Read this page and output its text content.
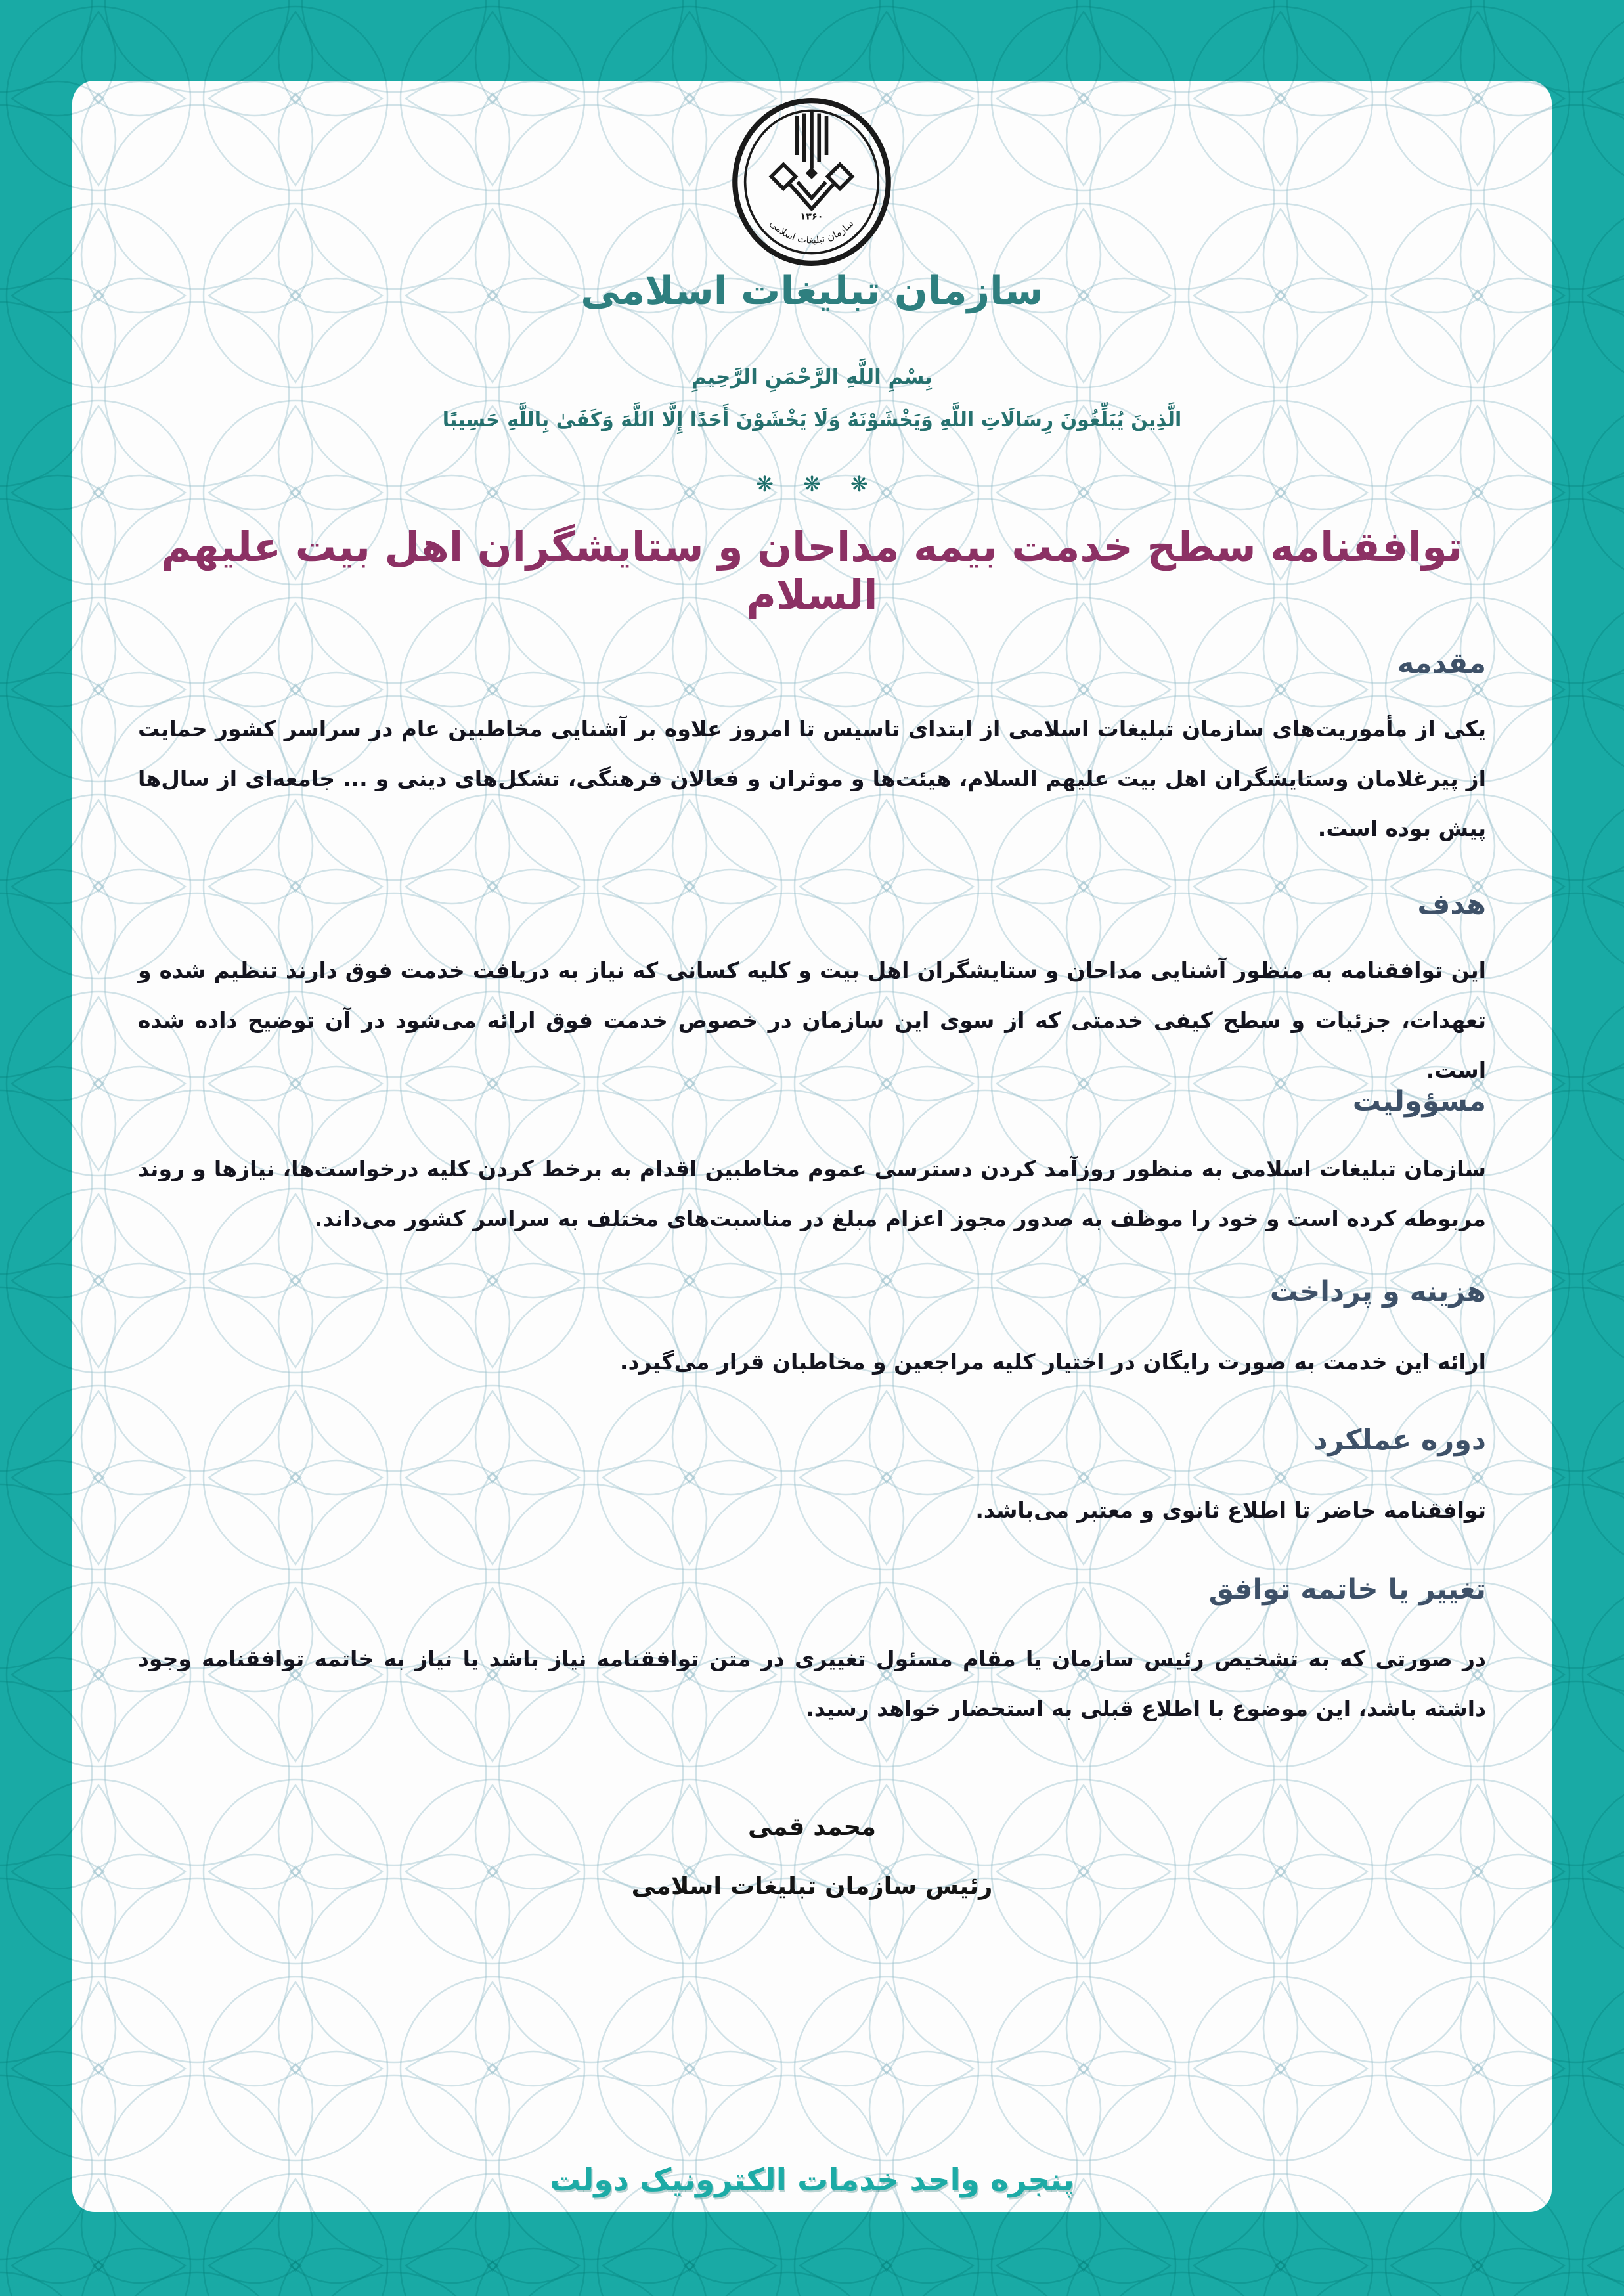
۱۳۶۰
سازمان تبلیغات اسلامی
سازمان تبلیغات اسلامی
بِسْمِ اللَّهِ الرَّحْمَنِ الرَّحِيمِ
الَّذِينَ يُبَلِّغُونَ رِسَالَاتِ اللَّهِ وَيَخْشَوْنَهُ وَلَا يَخْشَوْنَ أَحَدًا إِلَّا اللَّهَ وَكَفَىٰ بِاللَّهِ حَسِيبًا
❋ ❋ ❋
توافقنامه سطح خدمت بیمه مداحان و ستایشگران اهل بیت علیهم السلام
مقدمه
یکی از مأموریت‌های سازمان تبلیغات اسلامی از ابتدای تاسیس تا امروز علاوه بر آشنایی مخاطبین عام در سراسر کشور حمایت از پیرغلامان وستایشگران اهل بیت علیهم السلام، هیئت‌ها و موثران و فعالان فرهنگی، تشکل‌های دینی و ... جامعه‌ای از سال‌ها پیش بوده است.
هدف
این توافقنامه به منظور آشنایی مداحان و ستایشگران اهل بیت و کلیه کسانی که نیاز به دریافت خدمت فوق دارند تنظیم شده و تعهدات، جزئیات و سطح کیفی خدمتی که از سوی این سازمان در خصوص خدمت فوق ارائه می‌شود در آن توضیح داده شده است.
مسؤولیت
سازمان تبلیغات اسلامی به منظور روزآمد کردن دسترسی عموم مخاطبین اقدام به برخط کردن کلیه درخواست‌ها، نیازها و روند مربوطه کرده است و خود را موظف به صدور مجوز اعزام مبلغ در مناسبت‌های مختلف به سراسر کشور می‌داند.
هزینه و پرداخت
ارائه این خدمت به صورت رایگان در اختیار کلیه مراجعین و مخاطبان قرار می‌گیرد.
دوره عملکرد
توافقنامه حاضر تا اطلاع ثانوی و معتبر می‌باشد.
تغییر یا خاتمه توافق
در صورتی که به تشخیص رئیس سازمان یا مقام مسئول تغییری در متن توافقنامه نیاز باشد یا نیاز به خاتمه توافقنامه وجود داشته باشد، این موضوع با اطلاع قبلی به استحضار خواهد رسید.
محمد قمی
رئیس سازمان تبلیغات اسلامی
پنجره واحد خدمات الکترونیک دولت
